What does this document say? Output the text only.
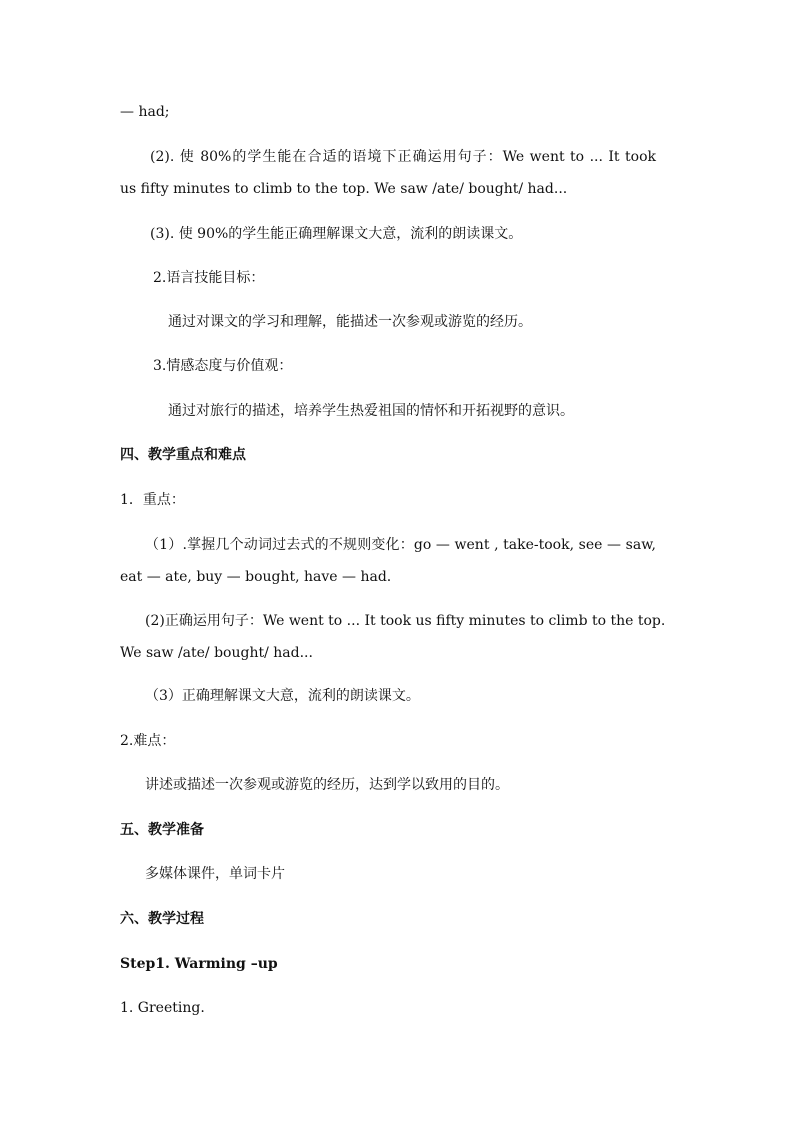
— had;
(2). 使 80%的学生能在合适的语境下正确运用句子：We went to ... It took
us fifty minutes to climb to the top. We saw /ate/ bought/ had...
(3). 使 90%的学生能正确理解课文大意，流利的朗读课文。
2.语言技能目标：
通过对课文的学习和理解，能描述一次参观或游览的经历。
3.情感态度与价值观：
通过对旅行的描述，培养学生热爱祖国的情怀和开拓视野的意识。
四、教学重点和难点
1．重点：
（1）.掌握几个动词过去式的不规则变化：go — went , take-took, see — saw,
eat — ate, buy — bought, have — had.
(2)正确运用句子：We went to ... It took us fifty minutes to climb to the top.
We saw /ate/ bought/ had...
（3）正确理解课文大意，流利的朗读课文。
2.难点：
讲述或描述一次参观或游览的经历，达到学以致用的目的。
五、教学准备
多媒体课件，单词卡片
六、教学过程
Step1. Warming –up
1. Greeting.
